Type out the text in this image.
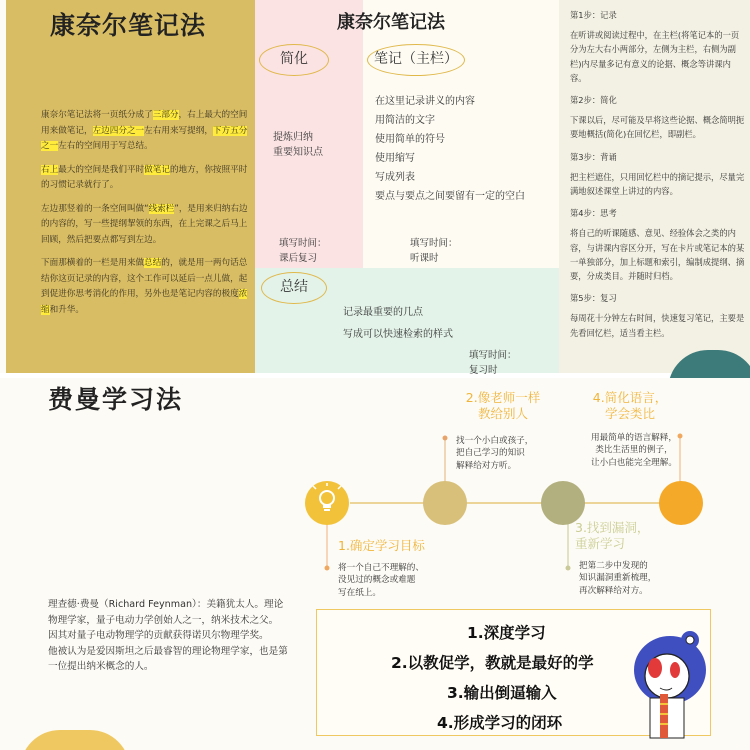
康奈尔笔记法

康奈尔笔记法将一页纸分成了三部分，右上最大的空间用来做笔记，左边四分之一左右用来写提纲，下方五分之一左右的空间用于写总结。

右上最大的空间是我们平时做笔记的地方，你按照平时的习惯记录就行了。

左边那竖着的一条空间叫做“线索栏”，是用来归纳右边的内容的，写一些提纲挈领的东西，在上完课之后马上回顾，然后把要点都写到左边。

下面那横着的一栏是用来做总结的，就是用一两句话总结你这页记录的内容，这个工作可以延后一点儿做，起到促进你思考消化的作用，另外也是笔记内容的极度浓缩和升华。

康奈尔笔记法
简化	笔记（主栏）
总结
提炼归纳
重要知识点
在这里记录讲义的内容
用简洁的文字
使用简单的符号
使用缩写
写成列表
要点与要点之间要留有一定的空白
填写时间：
课后复习
填写时间：
听课时
记录最重要的几点
写成可以快速检索的样式
填写时间：
复习时
第1步：记录
在听讲或阅读过程中，在主栏(将笔记本的一页分为左大右小两部分，左侧为主栏，右侧为副栏)内尽量多记有意义的论据、概念等讲课内容。
第2步：简化
下课以后，尽可能及早将这些论据、概念简明扼要地概括(简化)在回忆栏，即副栏。
第3步：背诵
把主栏遮住，只用回忆栏中的摘记提示，尽量完满地叙述课堂上讲过的内容。
第4步：思考
将自己的听课随感、意见、经验体会之类的内容，与讲课内容区分开，写在卡片或笔记本的某一单独部分，加上标题和索引，编制成提纲、摘要，分成类目。并随时归档。
第5步：复习
每周花十分钟左右时间，快速复习笔记，主要是先看回忆栏，适当看主栏。
费曼学习法
1.确定学习目标
2.像老师一样
教给别人
3.找到漏洞，
重新学习
4.简化语言，
学会类比
将一个自己不理解的、
没见过的概念或难题
写在纸上。
找一个小白或孩子，
把自己学习的知识
解释给对方听。
把第二步中发现的
知识漏洞重新梳理，
再次解释给对方。
用最简单的语言解释，
类比生活里的例子，
让小白也能完全理解。

理查德·费曼（Richard Feynman）：美籍犹太人。理论物理学家，量子电动力学创始人之一，纳米技术之父。

因其对量子电动物理学的贡献获得诺贝尔物理学奖。

他被认为是爱因斯坦之后最睿智的理论物理学家，也是第一位提出纳米概念的人。

1.深度学习
2.以教促学，教就是最好的学
3.输出倒逼输入
4.形成学习的闭环
